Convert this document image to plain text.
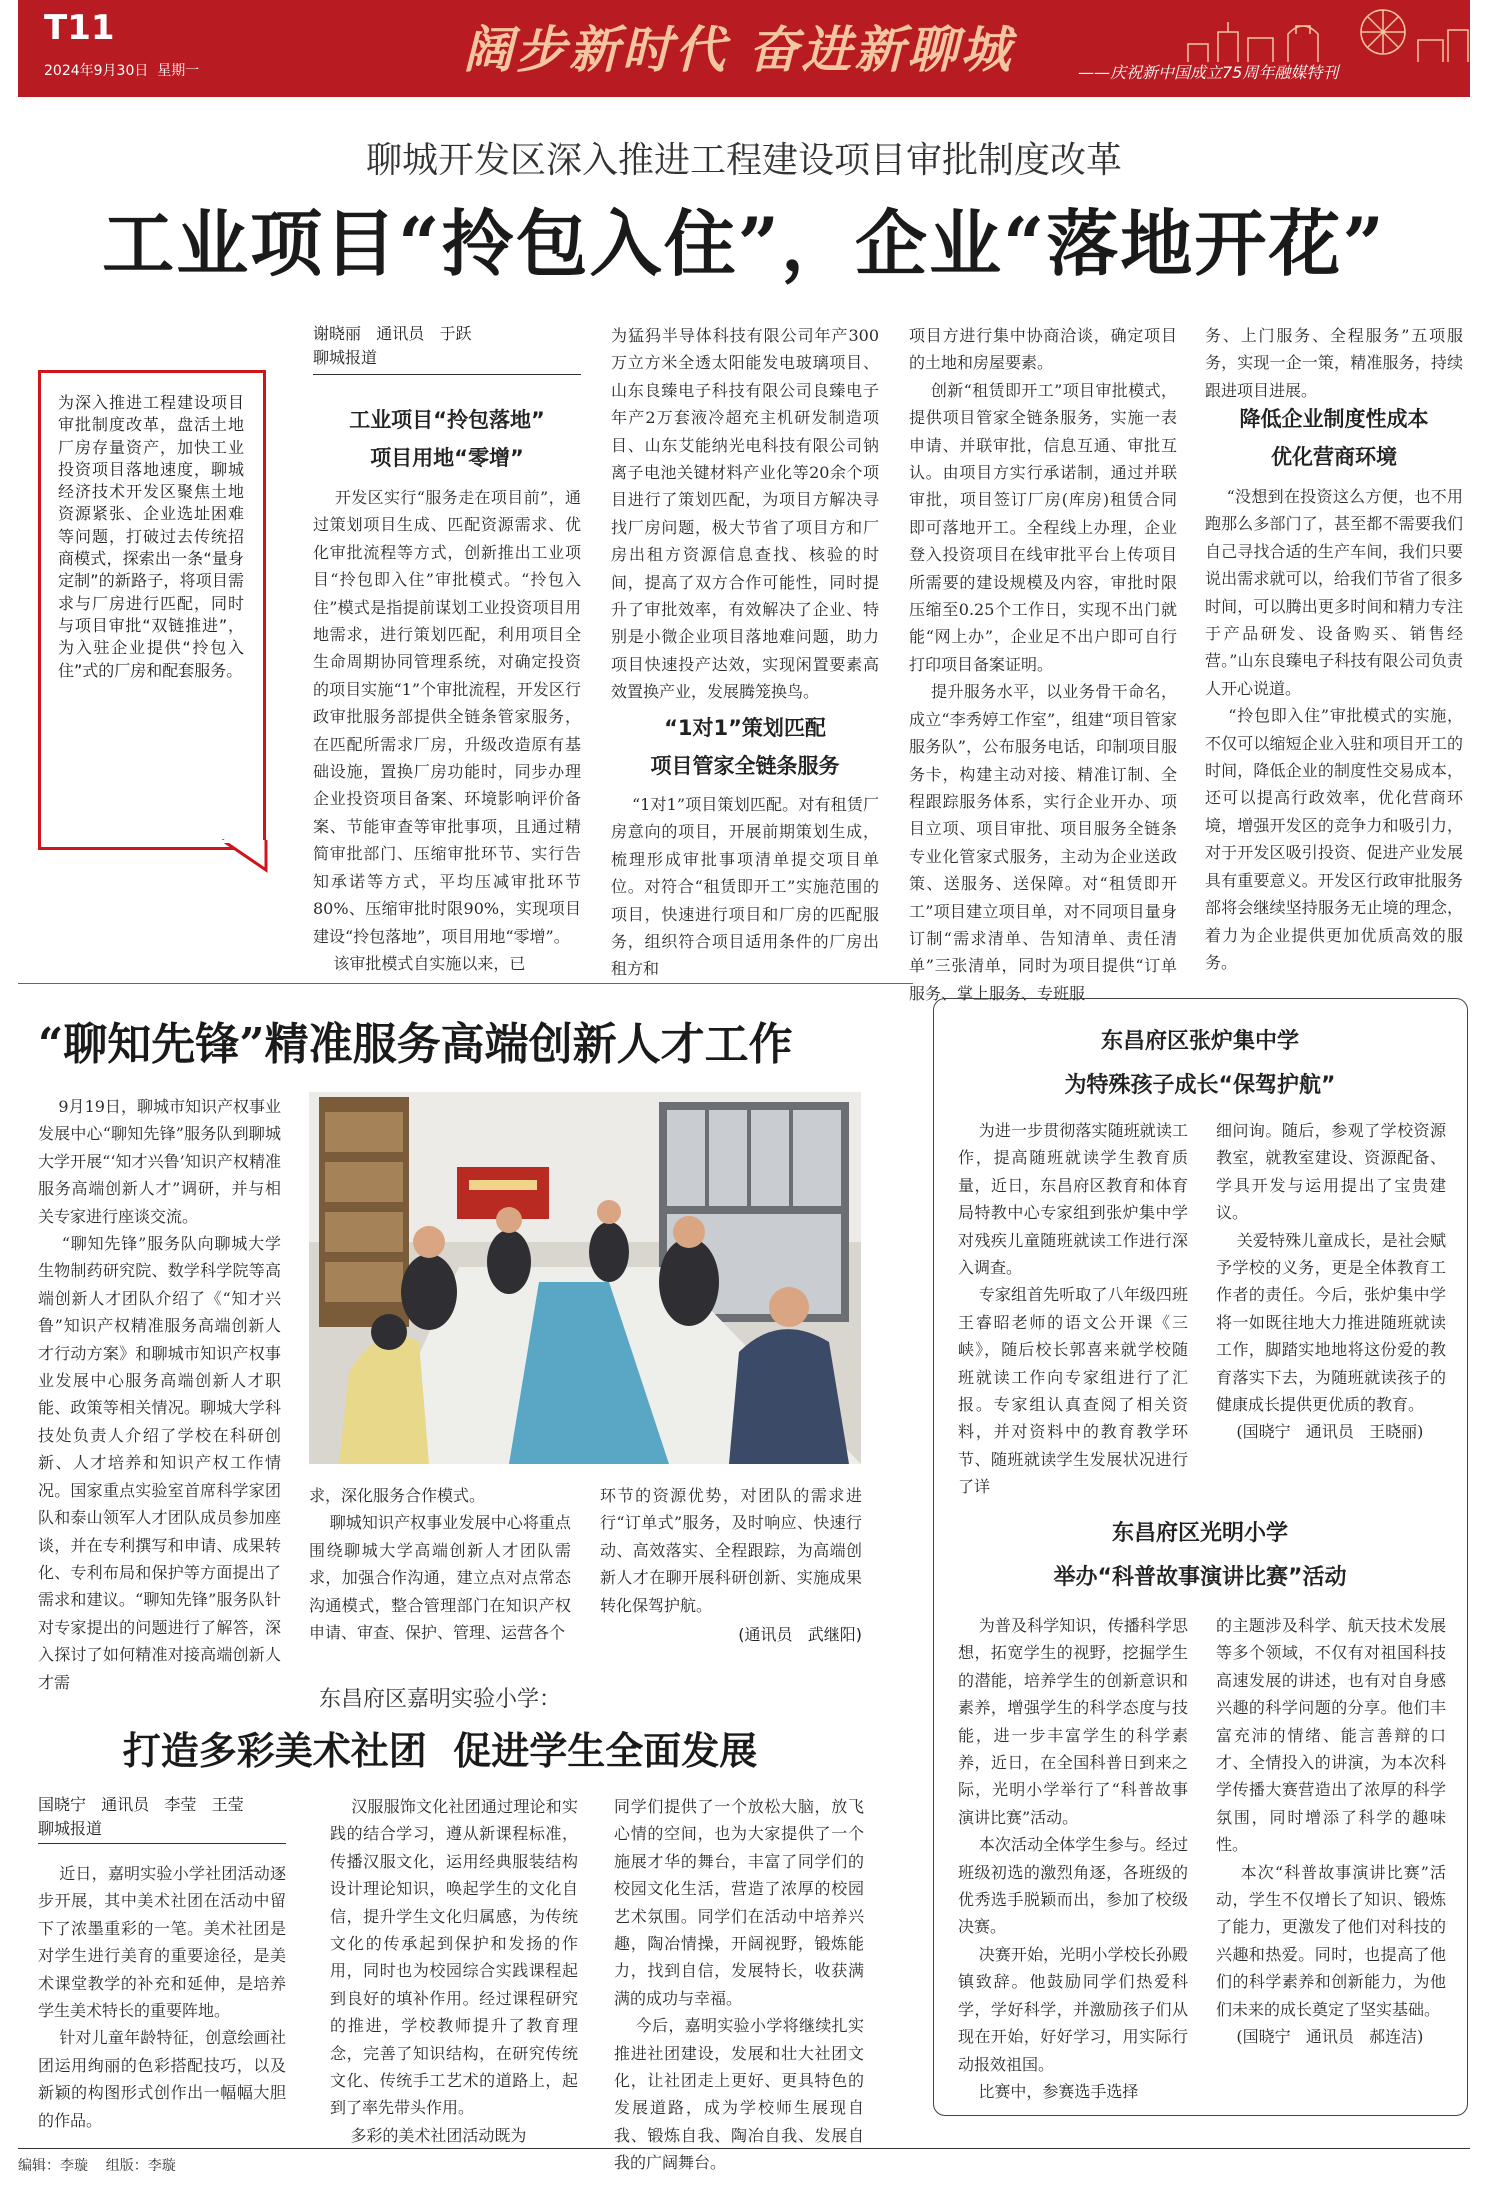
T11
2024年9月30日 星期一	阔步新时代 奋进新聊城	——庆祝新中国成立75周年融媒特刊
聊城开发区深入推进工程建设项目审批制度改革
工业项目“拎包入住”，企业“落地开花”
为深入推进工程建设项目审批制度改革，盘活土地厂房存量资产，加快工业投资项目落地速度，聊城经济技术开发区聚焦土地资源紧张、企业选址困难等问题，打破过去传统招商模式，探索出一条“量身定制”的新路子，将项目需求与厂房进行匹配，同时与项目审批“双链推进”，为入驻企业提供“拎包入住”式的厂房和配套服务。
谢晓丽   通讯员   于跃
聊城报道
工业项目“拎包落地”
项目用地“零增”
开发区实行“服务走在项目前”，通过策划项目生成、匹配资源需求、优化审批流程等方式，创新推出工业项目“拎包即入住”审批模式。“拎包入住”模式是指提前谋划工业投资项目用地需求，进行策划匹配，利用项目全生命周期协同管理系统，对确定投资的项目实施“1”个审批流程，开发区行政审批服务部提供全链条管家服务，在匹配所需求厂房，升级改造原有基础设施，置换厂房功能时，同步办理企业投资项目备案、环境影响评价备案、节能审查等审批事项，且通过精简审批部门、压缩审批环节、实行告知承诺等方式，平均压减审批环节80%、压缩审批时限90%，实现项目建设“拎包落地”，项目用地“零增”。
该审批模式自实施以来，已
为猛犸半导体科技有限公司年产300万立方米全透太阳能发电玻璃项目、山东良臻电子科技有限公司良臻电子年产2万套液冷超充主机研发制造项目、山东艾能纳光电科技有限公司钠离子电池关键材料产业化等20余个项目进行了策划匹配，为项目方解决寻找厂房问题，极大节省了项目方和厂房出租方资源信息查找、核验的时间，提高了双方合作可能性，同时提升了审批效率，有效解决了企业、特别是小微企业项目落地难问题，助力项目快速投产达效，实现闲置要素高效置换产业，发展腾笼换鸟。
“1对1”策划匹配
项目管家全链条服务
“1对1”项目策划匹配。对有租赁厂房意向的项目，开展前期策划生成，梳理形成审批事项清单提交项目单位。对符合“租赁即开工”实施范围的项目，快速进行项目和厂房的匹配服务，组织符合项目适用条件的厂房出租方和
项目方进行集中协商洽谈，确定项目的土地和房屋要素。
创新“租赁即开工”项目审批模式，提供项目管家全链条服务，实施一表申请、并联审批，信息互通、审批互认。由项目方实行承诺制，通过并联审批，项目签订厂房(库房)租赁合同即可落地开工。全程线上办理，企业登入投资项目在线审批平台上传项目所需要的建设规模及内容，审批时限压缩至0.25个工作日，实现不出门就能“网上办”，企业足不出户即可自行打印项目备案证明。
提升服务水平，以业务骨干命名，成立“李秀婷工作室”，组建“项目管家服务队”，公布服务电话，印制项目服务卡，构建主动对接、精准订制、全程跟踪服务体系，实行企业开办、项目立项、项目审批、项目服务全链条专业化管家式服务，主动为企业送政策、送服务、送保障。对“租赁即开工”项目建立项目单，对不同项目量身订制“需求清单、告知清单、责任清单”三张清单，同时为项目提供“订单服务、掌上服务、专班服
务、上门服务、全程服务”五项服务，实现一企一策，精准服务，持续跟进项目进展。
降低企业制度性成本
优化营商环境
“没想到在投资这么方便，也不用跑那么多部门了，甚至都不需要我们自己寻找合适的生产车间，我们只要说出需求就可以，给我们节省了很多时间，可以腾出更多时间和精力专注于产品研发、设备购买、销售经营。”山东良臻电子科技有限公司负责人开心说道。
“拎包即入住”审批模式的实施，不仅可以缩短企业入驻和项目开工的时间，降低企业的制度性交易成本，还可以提高行政效率，优化营商环境，增强开发区的竞争力和吸引力，对于开发区吸引投资、促进产业发展具有重要意义。开发区行政审批服务部将会继续坚持服务无止境的理念，着力为企业提供更加优质高效的服务。
“聊知先锋”精准服务高端创新人才工作
9月19日，聊城市知识产权事业发展中心“聊知先锋”服务队到聊城大学开展“‘知才兴鲁’知识产权精准服务高端创新人才”调研，并与相关专家进行座谈交流。
“聊知先锋”服务队向聊城大学生物制药研究院、数学科学院等高端创新人才团队介绍了《“知才兴鲁”知识产权精准服务高端创新人才行动方案》和聊城市知识产权事业发展中心服务高端创新人才职能、政策等相关情况。聊城大学科技处负责人介绍了学校在科研创新、人才培养和知识产权工作情况。国家重点实验室首席科学家团队和泰山领军人才团队成员参加座谈，并在专利撰写和申请、成果转化、专利布局和保护等方面提出了需求和建议。“聊知先锋”服务队针对专家提出的问题进行了解答，深入探讨了如何精准对接高端创新人才需
求，深化服务合作模式。
聊城知识产权事业发展中心将重点围绕聊城大学高端创新人才团队需求，加强合作沟通，建立点对点常态沟通模式，整合管理部门在知识产权申请、审查、保护、管理、运营各个
环节的资源优势，对团队的需求进行“订单式”服务，及时响应、快速行动、高效落实、全程跟踪，为高端创新人才在聊开展科研创新、实施成果转化保驾护航。
(通讯员   武继阳)
东昌府区嘉明实验小学：
打造多彩美术社团  促进学生全面发展
国晓宁   通讯员   李莹   王莹
聊城报道
近日，嘉明实验小学社团活动逐步开展，其中美术社团在活动中留下了浓墨重彩的一笔。美术社团是对学生进行美育的重要途径，是美术课堂教学的补充和延伸，是培养学生美术特长的重要阵地。
针对儿童年龄特征，创意绘画社团运用绚丽的色彩搭配技巧，以及新颖的构图形式创作出一幅幅大胆的作品。
汉服服饰文化社团通过理论和实践的结合学习，遵从新课程标准，传播汉服文化，运用经典服装结构设计理论知识，唤起学生的文化自信，提升学生文化归属感，为传统文化的传承起到保护和发扬的作用，同时也为校园综合实践课程起到良好的填补作用。经过课程研究的推进，学校教师提升了教育理念，完善了知识结构，在研究传统文化、传统手工艺术的道路上，起到了率先带头作用。
多彩的美术社团活动既为
同学们提供了一个放松大脑，放飞心情的空间，也为大家提供了一个施展才华的舞台，丰富了同学们的校园文化生活，营造了浓厚的校园艺术氛围。同学们在活动中培养兴趣，陶冶情操，开阔视野，锻炼能力，找到自信，发展特长，收获满满的成功与幸福。
今后，嘉明实验小学将继续扎实推进社团建设，发展和壮大社团文化，让社团走上更好、更具特色的发展道路，成为学校师生展现自我、锻炼自我、陶冶自我、发展自我的广阔舞台。
东昌府区张炉集中学
为特殊孩子成长“保驾护航”
为进一步贯彻落实随班就读工作，提高随班就读学生教育质量，近日，东昌府区教育和体育局特教中心专家组到张炉集中学对残疾儿童随班就读工作进行深入调查。
专家组首先听取了八年级四班王睿昭老师的语文公开课《三峡》，随后校长郭喜来就学校随班就读工作向专家组进行了汇报。专家组认真查阅了相关资料，并对资料中的教育教学环节、随班就读学生发展状况进行了详
细问询。随后，参观了学校资源教室，就教室建设、资源配备、学具开发与运用提出了宝贵建议。
关爱特殊儿童成长，是社会赋予学校的义务，更是全体教育工作者的责任。今后，张炉集中学将一如既往地大力推进随班就读工作，脚踏实地地将这份爱的教育落实下去，为随班就读孩子的健康成长提供更优质的教育。
(国晓宁   通讯员   王晓丽)
东昌府区光明小学
举办“科普故事演讲比赛”活动
为普及科学知识，传播科学思想，拓宽学生的视野，挖掘学生的潜能，培养学生的创新意识和素养，增强学生的科学态度与技能，进一步丰富学生的科学素养，近日，在全国科普日到来之际，光明小学举行了“科普故事演讲比赛”活动。
本次活动全体学生参与。经过班级初选的激烈角逐，各班级的优秀选手脱颖而出，参加了校级决赛。
决赛开始，光明小学校长孙殿镇致辞。他鼓励同学们热爱科学，学好科学，并激励孩子们从现在开始，好好学习，用实际行动报效祖国。
比赛中，参赛选手选择
的主题涉及科学、航天技术发展等多个领域，不仅有对祖国科技高速发展的讲述，也有对自身感兴趣的科学问题的分享。他们丰富充沛的情绪、能言善辩的口才、全情投入的讲演，为本次科学传播大赛营造出了浓厚的科学氛围，同时增添了科学的趣味性。
本次“科普故事演讲比赛”活动，学生不仅增长了知识、锻炼了能力，更激发了他们对科技的兴趣和热爱。同时，也提高了他们的科学素养和创新能力，为他们未来的成长奠定了坚实基础。
(国晓宁   通讯员   郝连洁)
编辑：李璇    组版：李璇
